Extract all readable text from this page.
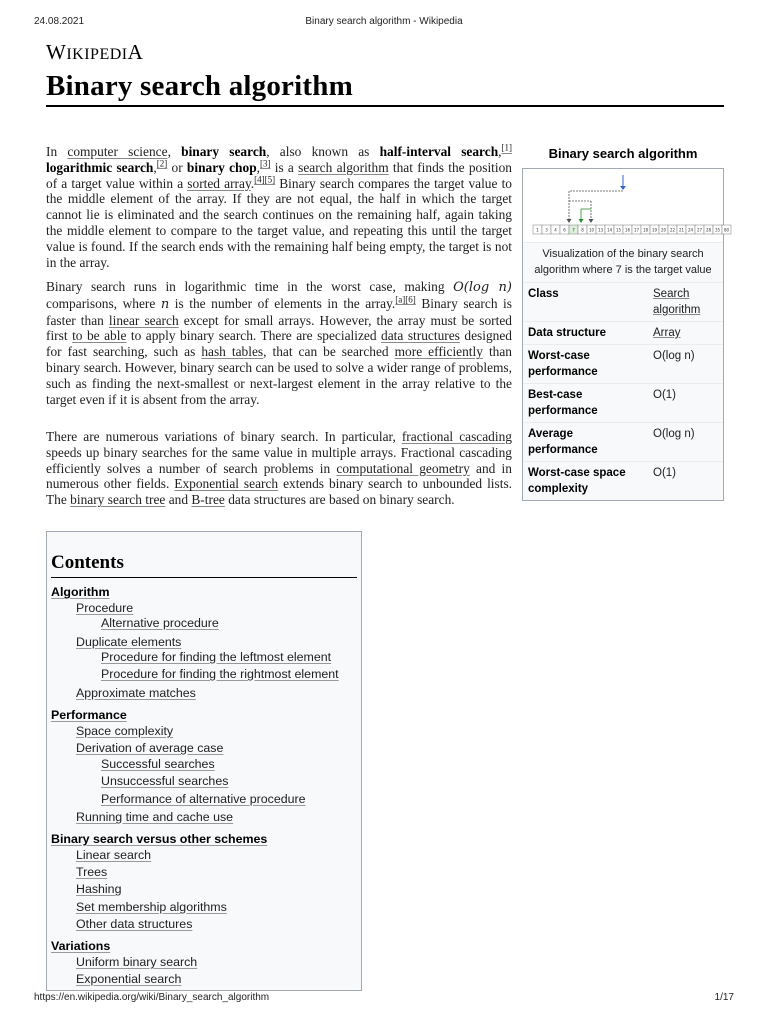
24.08.2021	Binary search algorithm - Wikipedia
WIKIPEDIA
Binary search algorithm

In computer science, binary search, also known as half-interval search,[1] logarithmic search,[2] or binary chop,[3] is a search algorithm that finds the position of a target value within a sorted array.[4][5] Binary search compares the target value to the middle element of the array. If they are not equal, the half in which the target cannot lie is eliminated and the search continues on the remaining half, again taking the middle element to compare to the target value, and repeating this until the target value is found. If the search ends with the remaining half being empty, the target is not in the array.

Binary search runs in logarithmic time in the worst case, making O(log n) comparisons, where n is the number of elements in the array.[a][6] Binary search is faster than linear search except for small arrays. However, the array must be sorted first to be able to apply binary search. There are specialized data structures designed for fast searching, such as hash tables, that can be searched more efficiently than binary search. However, binary search can be used to solve a wider range of problems, such as finding the next-smallest or next-largest element in the array relative to the target even if it is absent from the array.

There are numerous variations of binary search. In particular, fractional cascading speeds up binary searches for the same value in multiple arrays. Fractional cascading efficiently solves a number of search problems in computational geometry and in numerous other fields. Exponential search extends binary search to unbounded lists. The binary search tree and B-tree data structures are based on binary search.

Binary search algorithm
1 3 4 6 7 8 10 13 14 15 16 17 18 19 20 22 21 24 27 28 35 80
Visualization of the binary search algorithm where 7 is the target value
Class	Search algorithm
Data structure	Array
Worst-case performance	O(log n)
Best-case performance	O(1)
Average performance	O(log n)
Worst-case space complexity	O(1)
Contents
Algorithm
Procedure
Alternative procedure
Duplicate elements
Procedure for finding the leftmost element
Procedure for finding the rightmost element
Approximate matches
Performance
Space complexity
Derivation of average case
Successful searches
Unsuccessful searches
Performance of alternative procedure
Running time and cache use
Binary search versus other schemes
Linear search
Trees
Hashing
Set membership algorithms
Other data structures
Variations
Uniform binary search
Exponential search
https://en.wikipedia.org/wiki/Binary_search_algorithm	1/17
